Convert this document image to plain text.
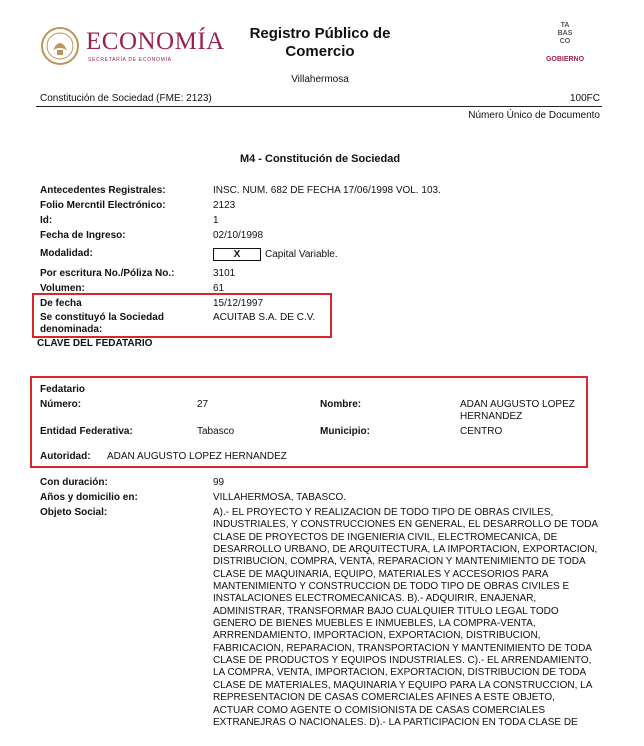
ECONOMÍA
SECRETARÍA DE ECONOMÍA
Registro Público de Comercio
Villahermosa
TA
BAS
CO
GOBIERNO
Constitución de Sociedad (FME: 2123)	100FC
Número Único de Documento
M4 - Constitución de Sociedad
Antecedentes Registrales:	INSC. NUM. 682 DE FECHA 17/06/1998 VOL. 103.
Folio Mercntil Electrónico:	2123
Id:	1
Fecha de Ingreso:	02/10/1998
Modalidad:	X	Capital Variable.
Por escritura No./Póliza No.:	3101
Volumen:	61
De fecha	15/12/1997
Se constituyó la Sociedad
denominada:
ACUITAB S.A. DE C.V.
CLAVE DEL FEDATARIO
Fedatario
Número:	27	Nombre:	ADAN AUGUSTO LOPEZ
HERNANDEZ
Entidad Federativa:	Tabasco	Municipio:	CENTRO
Autoridad: ADAN AUGUSTO LOPEZ HERNANDEZ
Con duración:	99
Años y domicilio en:	VILLAHERMOSA, TABASCO.
Objeto Social:	A).- EL PROYECTO Y REALIZACION DE TODO TIPO DE OBRAS CIVILES,
INDUSTRIALES, Y CONSTRUCCIONES EN GENERAL, EL DESARROLLO DE TODA
CLASE DE PROYECTOS DE INGENIERIA CIVIL, ELECTROMECANICA, DE
DESARROLLO URBANO, DE ARQUITECTURA, LA IMPORTACION, EXPORTACION,
DISTRIBUCION, COMPRA, VENTA, REPARACION Y MANTENIMIENTO DE TODA
CLASE DE MAQUINARIA, EQUIPO, MATERIALES Y ACCESORIOS PARA
MANTENIMIENTO Y CONSTRUCCION DE TODO TIPO DE OBRAS CIVILES E
INSTALACIONES ELECTROMECANICAS. B).- ADQUIRIR, ENAJENAR,
ADMINISTRAR, TRANSFORMAR BAJO CUALQUIER TITULO LEGAL TODO
GENERO DE BIENES MUEBLES E INMUEBLES, LA COMPRA-VENTA,
ARRRENDAMIENTO, IMPORTACION, EXPORTACION, DISTRIBUCION,
FABRICACION, REPARACION, TRANSPORTACION Y MANTENIMIENTO DE TODA
CLASE DE PRODUCTOS Y EQUIPOS INDUSTRIALES. C).- EL ARRENDAMIENTO,
LA COMPRA, VENTA, IMPORTACION, EXPORTACION, DISTRIBUCION DE TODA
CLASE DE MATERIALES, MAQUINARIA Y EQUIPO PARA LA CONSTRUCCION, LA
REPRESENTACION DE CASAS COMERCIALES AFINES A ESTE OBJETO,
ACTUAR COMO AGENTE O COMISIONISTA DE CASAS COMERCIALES
EXTRANEJRAS O NACIONALES. D).- LA PARTICIPACION EN TODA CLASE DE
